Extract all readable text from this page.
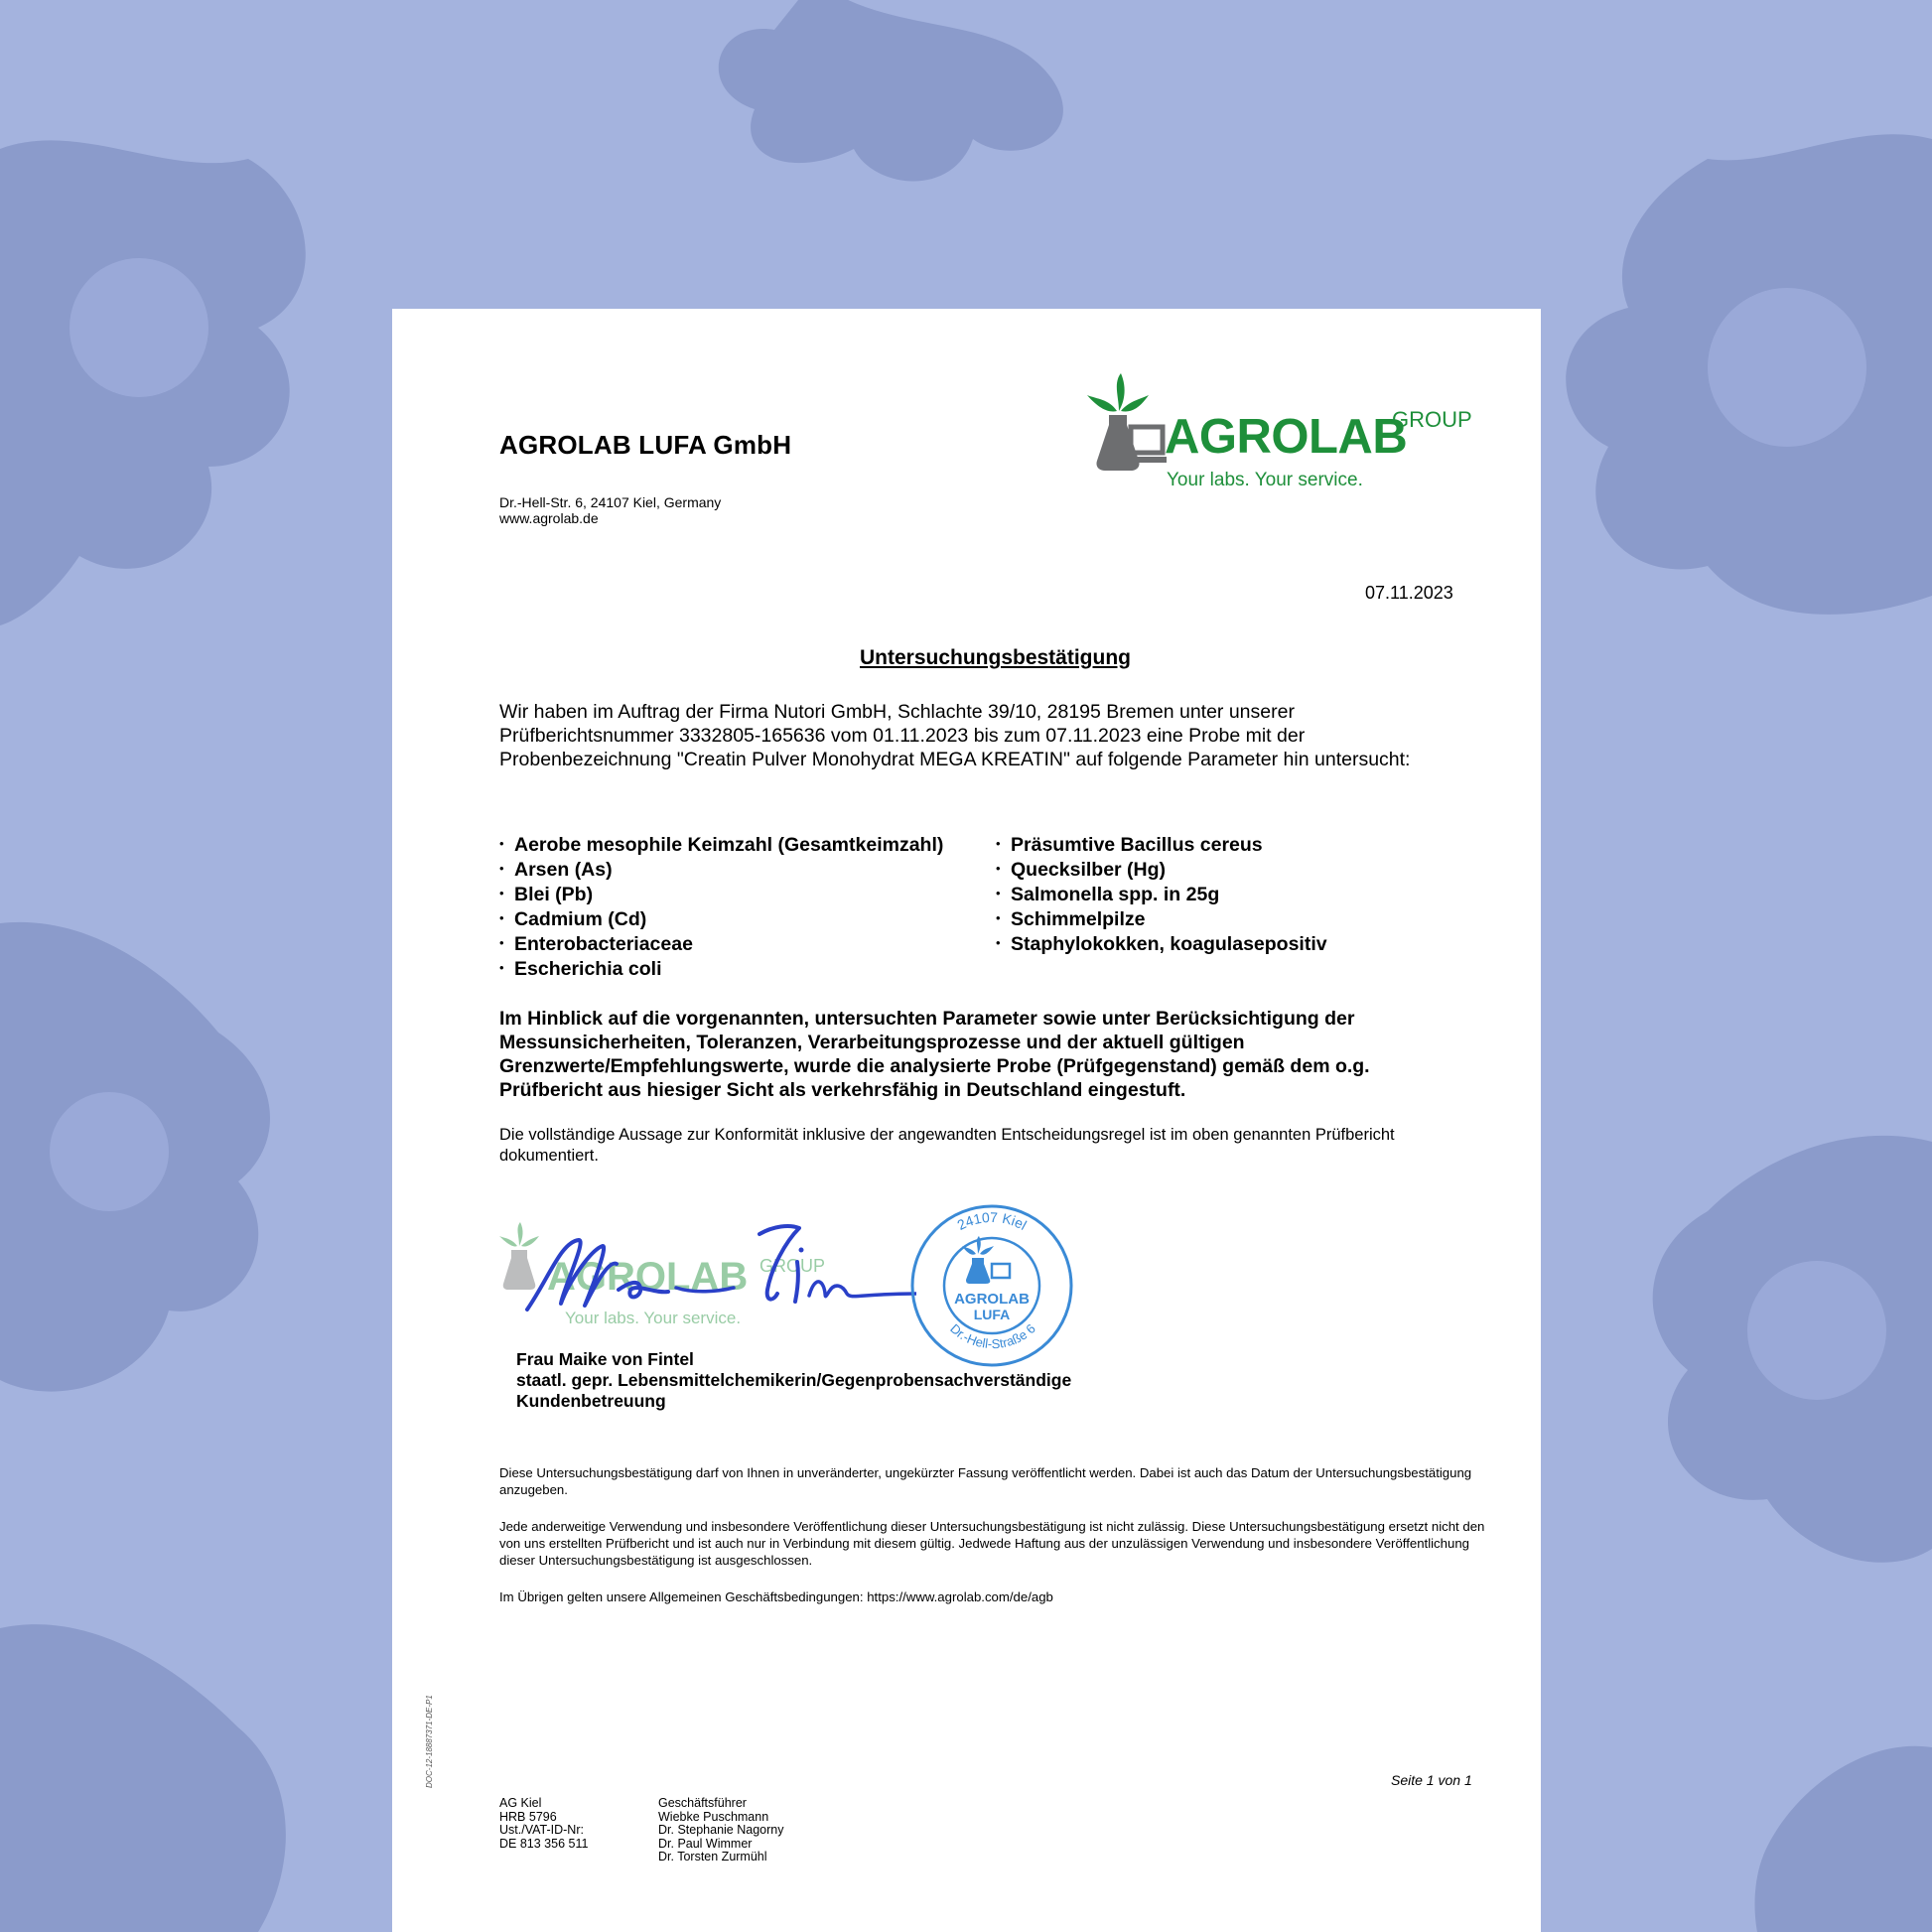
AGROLAB LUFA GmbH
Dr.-Hell-Str. 6, 24107 Kiel, Germany
www.agrolab.de
AGROLAB
GROUP
Your labs. Your service.
07.11.2023
Untersuchungsbestätigung
Wir haben im Auftrag der Firma Nutori GmbH, Schlachte 39/10, 28195 Bremen unter unserer Prüfberichtsnummer 3332805-165636 vom 01.11.2023 bis zum 07.11.2023 eine Probe mit der Probenbezeichnung "Creatin Pulver Monohydrat MEGA KREATIN" auf folgende Parameter hin untersucht:
• Aerobe mesophile Keimzahl (Gesamtkeimzahl)
• Arsen (As)
• Blei (Pb)
• Cadmium (Cd)
• Enterobacteriaceae
• Escherichia coli
• Präsumtive Bacillus cereus
• Quecksilber (Hg)
• Salmonella spp. in 25g
• Schimmelpilze
• Staphylokokken, koagulasepositiv
Im Hinblick auf die vorgenannten, untersuchten Parameter sowie unter Berücksichtigung der Messunsicherheiten, Toleranzen, Verarbeitungsprozesse und der aktuell gültigen Grenzwerte/Empfehlungswerte, wurde die analysierte Probe (Prüfgegenstand) gemäß dem o.g. Prüfbericht aus hiesiger Sicht als verkehrsfähig in Deutschland eingestuft.
Die vollständige Aussage zur Konformität inklusive der angewandten Entscheidungsregel ist im oben genannten Prüfbericht dokumentiert.
AGROLAB GROUP
Your labs. Your service.
24107 Kiel
Dr.-Hell-Straße 6
AGROLAB
LUFA
Frau Maike von Fintel
staatl. gepr. Lebensmittelchemikerin/Gegenprobensachverständige
Kundenbetreuung
Diese Untersuchungsbestätigung darf von Ihnen in unveränderter, ungekürzter Fassung veröffentlicht werden. Dabei ist auch das Datum der Untersuchungsbestätigung anzugeben.
Jede anderweitige Verwendung und insbesondere Veröffentlichung dieser Untersuchungsbestätigung ist nicht zulässig. Diese Untersuchungsbestätigung ersetzt nicht den von uns erstellten Prüfbericht und ist auch nur in Verbindung mit diesem gültig. Jedwede Haftung aus der unzulässigen Verwendung und insbesondere Veröffentlichung dieser Untersuchungsbestätigung ist ausgeschlossen.
Im Übrigen gelten unsere Allgemeinen Geschäftsbedingungen: https://www.agrolab.com/de/agb
DOC-12-18887371-DE-P1	Seite 1 von 1
AG Kiel
HRB 5796
Ust./VAT-ID-Nr:
DE 813 356 511
Geschäftsführer
Wiebke Puschmann
Dr. Stephanie Nagorny
Dr. Paul Wimmer
Dr. Torsten Zurmühl
